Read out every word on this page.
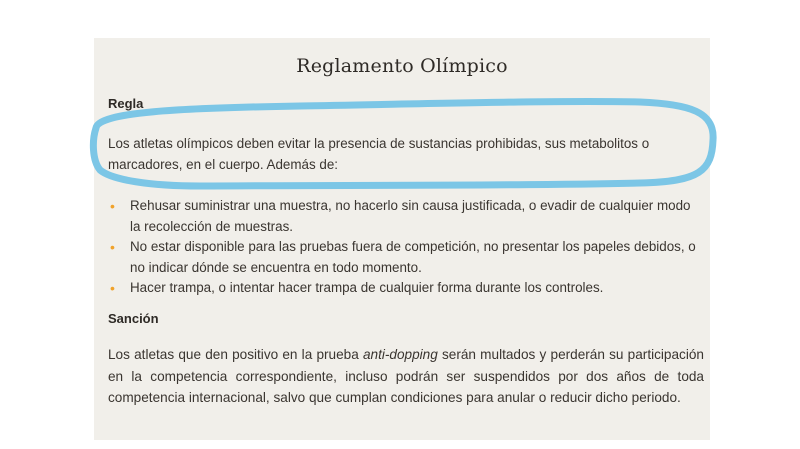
Reglamento Olímpico
Regla
Los atletas olímpicos deben evitar la presencia de sustancias prohibidas, sus metabolitos o marcadores, en el cuerpo. Además de:
• Rehusar suministrar una muestra, no hacerlo sin causa justificada, o evadir de cualquier modo la recolección de muestras.
• No estar disponible para las pruebas fuera de competición, no presentar los papeles debidos, o no indicar dónde se encuentra en todo momento.
• Hacer trampa, o intentar hacer trampa de cualquier forma durante los controles.
Sanción
Los atletas que den positivo en la prueba anti-dopping serán multados y perderán su participación en la competencia correspondiente, incluso podrán ser suspendidos por dos años de toda competencia internacional, salvo que cumplan condiciones para anular o reducir dicho periodo.
